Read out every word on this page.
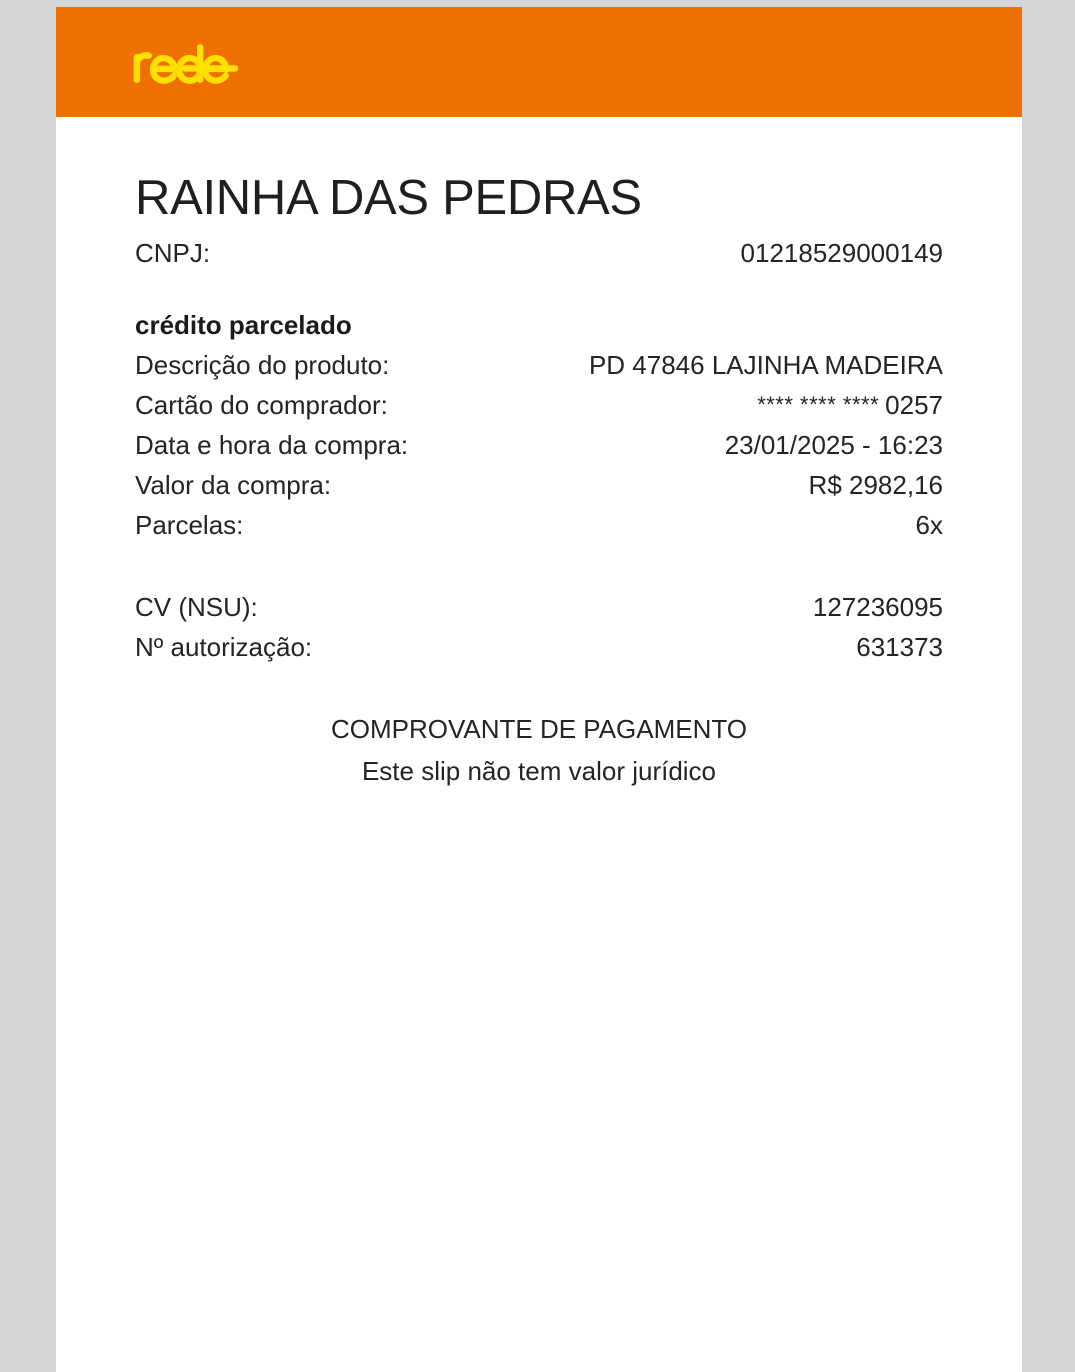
RAINHA DAS PEDRAS
CNPJ:	01218529000149
crédito parcelado
Descrição do produto:	PD 47846 LAJINHA MADEIRA
Cartão do comprador:	**** **** **** 0257
Data e hora da compra:	23/01/2025 - 16:23
Valor da compra:	R$ 2982,16
Parcelas:	6x
CV (NSU):	127236095
Nº autorização:	631373
COMPROVANTE DE PAGAMENTO
Este slip não tem valor jurídico
